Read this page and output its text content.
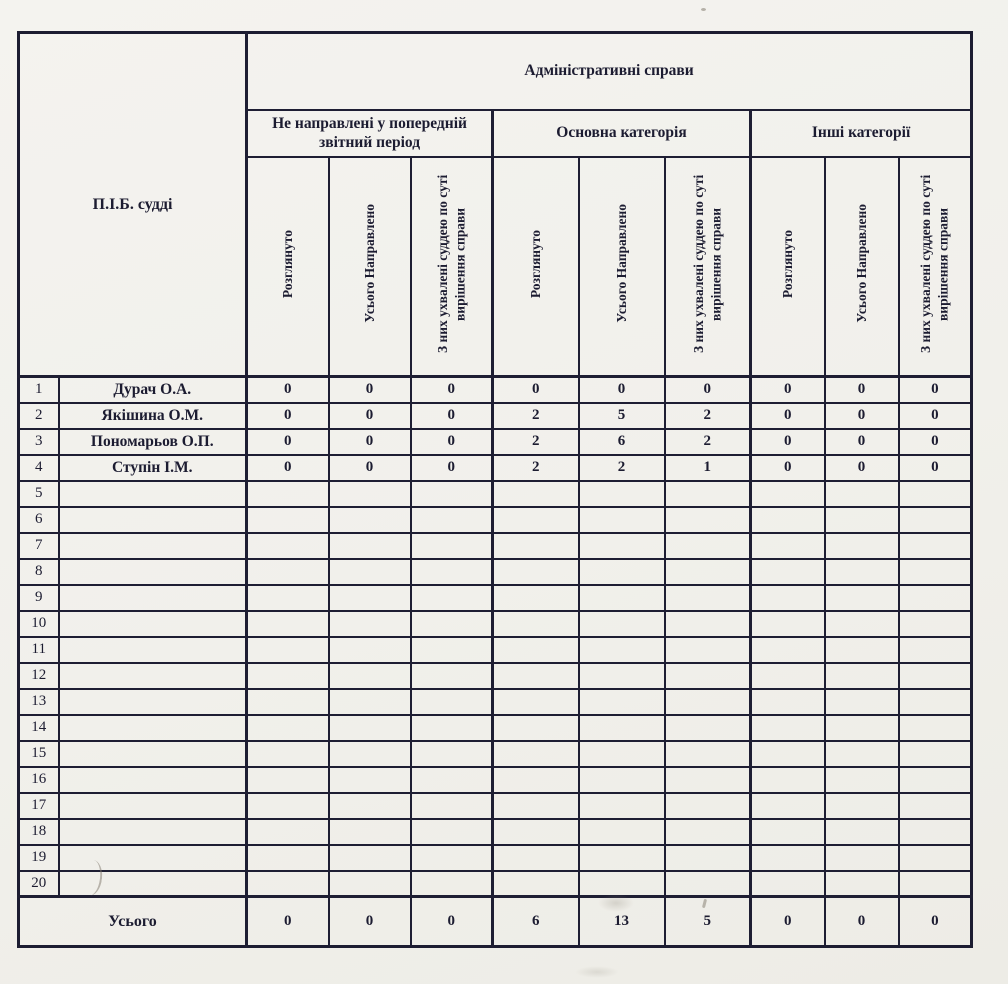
П.І.Б. судді		Адміністративні справи								
		Не направлені у попередній звітний період			Основна категорія			Інші категорії		
		Розглянуто	Усього Направлено	З них ухвалені суддею по суті вирішення справи	Розглянуто	Усього Направлено	З них ухвалені суддею по суті вирішення справи	Розглянуто	Усього Направлено	З них ухвалені суддею по суті вирішення справи
1	Дурач О.А.	0	0	0	0	0	0	0	0	0
2	Якішина О.М.	0	0	0	2	5	2	0	0	0
3	Пономарьов О.П.	0	0	0	2	6	2	0	0	0
4	Ступін І.М.	0	0	0	2	2	1	0	0	0
5										
6										
7										
8										
9										
10										
11										
12										
13										
14										
15										
16										
17										
18										
19										
20										
Усього		0	0	0	6	13	5	0	0	0
